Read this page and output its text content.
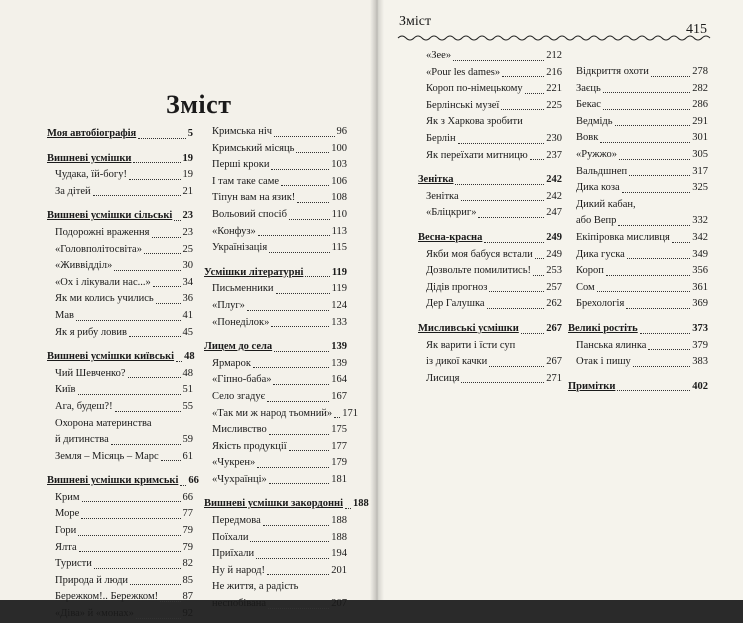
Зміст
Моя автобіографія	5
Вишневі усмішки	19
Чудака, їй-богу!	19
За дітей	21
Вишневі усмішки сільські 23
Подорожні враження	23
«Головполітосвіта»	25
«Живвідділ»	30
«Ох і лікували нас...»	34
Як ми колись учились	36
Мав	41
Як я рибу ловив	45
Вишневі усмішки київські 48
Чий Шевченко?	48
Київ	51
Ага, будеш?!	55
Охорона материнства
й дитинства	59
Земля – Місяць – Марс 61
Вишневі усмішки кримські 66
Крим	66
Море	77
Гори	79
Ялта	79
Туристи	82
Природа й люди	85
Бережком!.. Бережком! 87
«Діва» й «монах»	92
Кримська ніч	96
Кримський місяць	100
Перші кроки	103
І там таке саме	106
Тіпун вам на язик!	108
Вольовий спосіб	110
«Конфуз»	113
Українізація	115
Усмішки літературні	119
Письменники	119
«Плуг»	124
«Понеділок»	133
Лицем до села	139
Ярмарок	139
«Гіпно-баба»	164
Село згадує	167
«Так ми ж народ тьомний» 171
Мисливство	175
Якість продукції	177
«Чукрен»	179
«Чухраїнці»	181
Вишневі усмішки закордонні 188
Передмова	188
Поїхали	188
Приїхали	194
Ну й народ!	201
Не життя, а радість
неспобівана	207
Зміст
415
«Зее»	212
«Pour les dames»	216
Короп по-німецькому 221
Берлінські музеї	225
Як з Харкова зробити
Берлін	230
Як переїхати митницю 237
Зенітка	242
Зенітка	242
«Бліцкриг»	247
Весна-красна	249
Якби моя бабуся встали 249
Дозвольте помилитись! 253
Дідів прогноз	257
Дер Галушка	262
Мисливські усмішки	267
Як варити і їсти суп
із дикої качки	267
Лисиця	271
Відкриття охоти	278
Заєць	282
Бекас	286
Ведмідь	291
Вовк	301
«Ружжо»	305
Вальдшнеп	317
Дика коза	325
Дикий кабан,
або Вепр	332
Екіпіровка мисливця 342
Дика гуска	349
Короп	356
Сом	361
Брехологія	369
Великі ростіть	373
Панська ялинка	379
Отак і пишу	383
Примітки	402
